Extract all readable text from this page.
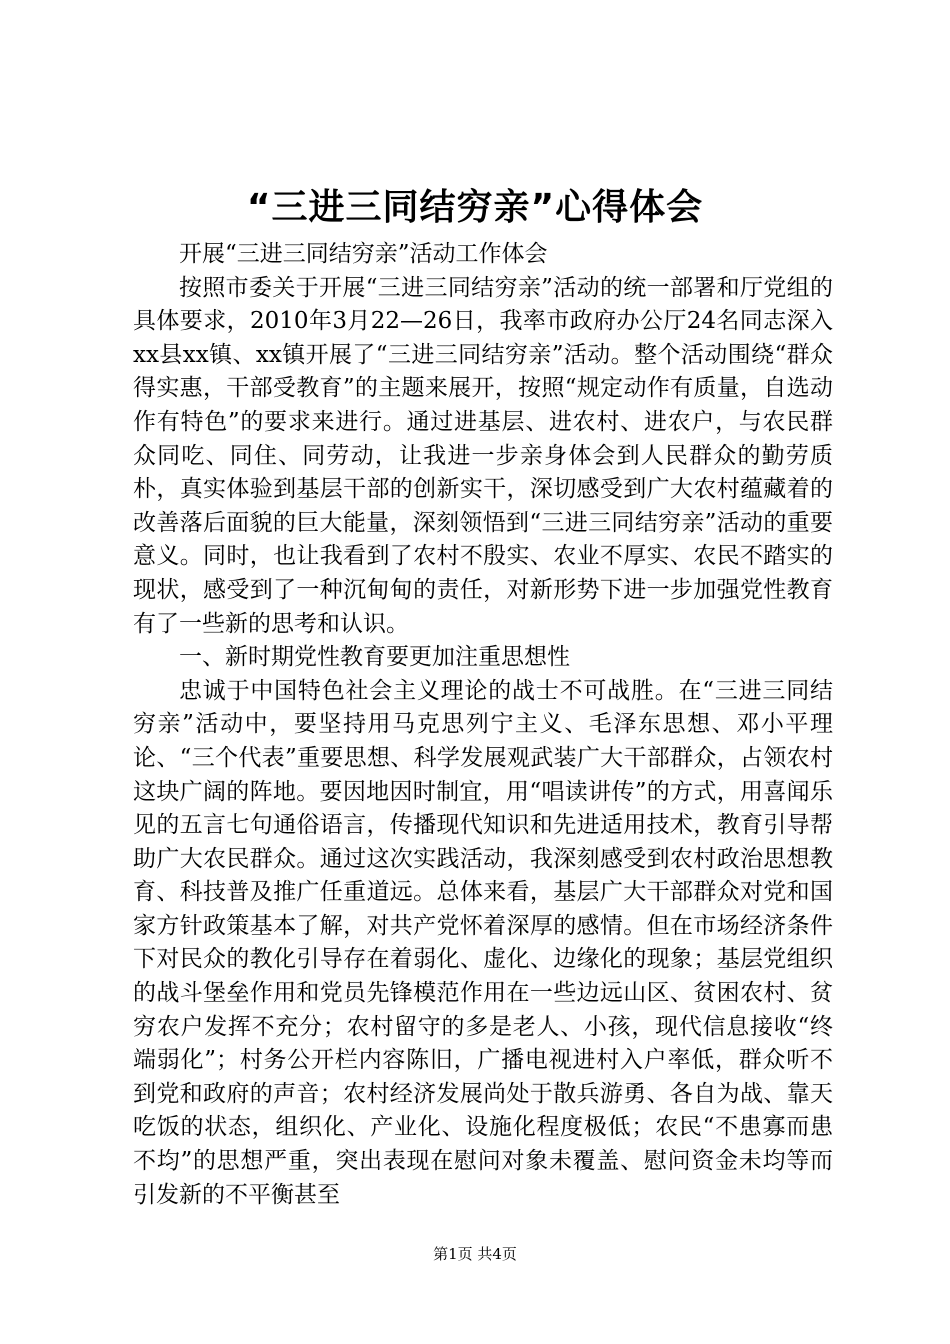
“三进三同结穷亲”心得体会

开展“三进三同结穷亲”活动工作体会

按照市委关于开展“三进三同结穷亲”活动的统一部署和厅党组的具体要求，2010年3月22—26日，我率市政府办公厅24名同志深入xx县xx镇、xx镇开展了“三进三同结穷亲”活动。整个活动围绕“群众得实惠，干部受教育”的主题来展开，按照“规定动作有质量，自选动作有特色”的要求来进行。通过进基层、进农村、进农户，与农民群众同吃、同住、同劳动，让我进一步亲身体会到人民群众的勤劳质朴，真实体验到基层干部的创新实干，深切感受到广大农村蕴藏着的改善落后面貌的巨大能量，深刻领悟到“三进三同结穷亲”活动的重要意义。同时，也让我看到了农村不殷实、农业不厚实、农民不踏实的现状，感受到了一种沉甸甸的责任，对新形势下进一步加强党性教育有了一些新的思考和认识。

一、新时期党性教育要更加注重思想性

忠诚于中国特色社会主义理论的战士不可战胜。在“三进三同结穷亲”活动中，要坚持用马克思列宁主义、毛泽东思想、邓小平理论、“三个代表”重要思想、科学发展观武装广大干部群众，占领农村这块广阔的阵地。要因地因时制宜，用“唱读讲传”的方式，用喜闻乐见的五言七句通俗语言，传播现代知识和先进适用技术，教育引导帮助广大农民群众。通过这次实践活动，我深刻感受到农村政治思想教育、科技普及推广任重道远。总体来看，基层广大干部群众对党和国家方针政策基本了解，对共产党怀着深厚的感情。但在市场经济条件下对民众的教化引导存在着弱化、虚化、边缘化的现象；基层党组织的战斗堡垒作用和党员先锋模范作用在一些边远山区、贫困农村、贫穷农户发挥不充分；农村留守的多是老人、小孩，现代信息接收“终端弱化”；村务公开栏内容陈旧，广播电视进村入户率低，群众听不到党和政府的声音；农村经济发展尚处于散兵游勇、各自为战、靠天吃饭的状态，组织化、产业化、设施化程度极低；农民“不患寡而患不均”的思想严重，突出表现在慰问对象未覆盖、慰问资金未均等而引发新的不平衡甚至

第1页 共4页
